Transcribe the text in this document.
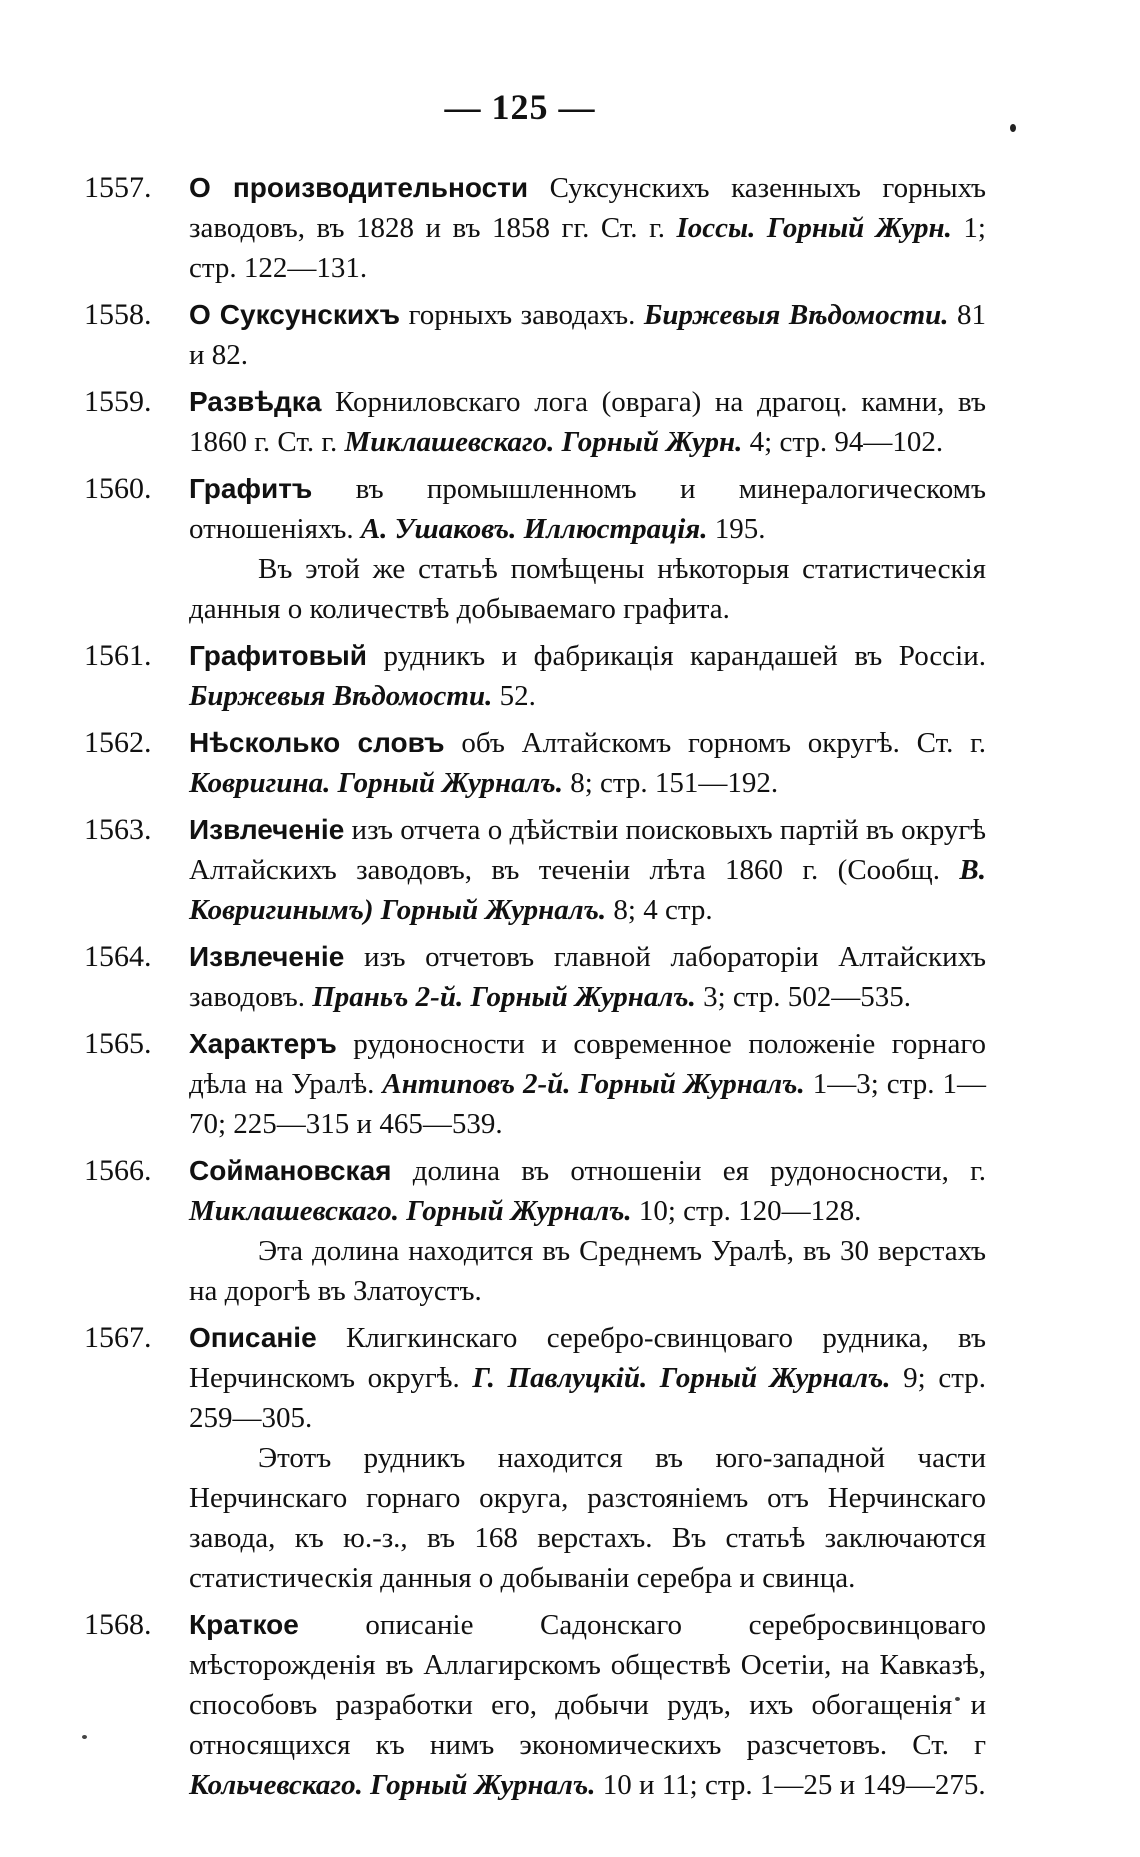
— 125 —
1557.	О производительности Суксунскихъ казенныхъ горныхъ заводовъ, въ 1828 и въ 1858 гг. Ст. г. Іоссы. Горный Журн. 1; стр. 122—131.
1558.	О Суксунскихъ горныхъ заводахъ. Биржевыя Вѣдомости. 81 и 82.
1559.	Развѣдка Корниловскаго лога (оврага) на драгоц. камни, въ 1860 г. Ст. г. Миклашевскаго. Горный Журн. 4; стр. 94—102.
1560.	Графитъ въ промышленномъ и минералогическомъ отношеніяхъ. А. Ушаковъ. Иллюстрація. 195.
Въ этой же статьѣ помѣщены нѣкоторыя статистическія данныя о количествѣ добываемаго графита.
1561.	Графитовый рудникъ и фабрикація карандашей въ Россіи. Биржевыя Вѣдомости. 52.
1562.	Нѣсколько словъ объ Алтайскомъ горномъ округѣ. Ст. г. Ковригина. Горный Журналъ. 8; стр. 151—192.
1563.	Извлеченіе изъ отчета о дѣйствіи поисковыхъ партій въ округѣ Алтайскихъ заводовъ, въ теченіи лѣта 1860 г. (Сообщ. В. Ковригинымъ) Горный Журналъ. 8; 4 стр.
1564.	Извлеченіе изъ отчетовъ главной лабораторіи Алтайскихъ заводовъ. Праньъ 2-й. Горный Журналъ. 3; стр. 502—535.
1565.	Характеръ рудоносности и современное положеніе горнаго дѣла на Уралѣ. Антиповъ 2-й. Горный Журналъ. 1—3; стр. 1—70; 225—315 и 465—539.
1566.	Соймановская долина въ отношеніи ея рудоносности, г. Миклашевскаго. Горный Журналъ. 10; стр. 120—128.
Эта долина находится въ Среднемъ Уралѣ, въ 30 верстахъ на дорогѣ въ Златоустъ.
1567.	Описаніе Клигкинскаго серебро-свинцоваго рудника, въ Нерчинскомъ округѣ. Г. Павлуцкій. Горный Журналъ. 9; стр. 259—305.
Этотъ рудникъ находится въ юго-западной части Нерчинскаго горнаго округа, разстояніемъ отъ Нерчинскаго завода, къ ю.-з., въ 168 верстахъ. Въ статьѣ заключаются статистическія данныя о добываніи серебра и свинца.
1568.	Краткое описаніе Садонскаго серебросвинцоваго мѣсторожденія въ Аллагирскомъ обществѣ Осетіи, на Кавказѣ, способовъ разработки его, добычи рудъ, ихъ обогащенія и относящихся къ нимъ экономическихъ разсчетовъ. Ст. г Кольчевскаго. Горный Журналъ. 10 и 11; стр. 1—25 и 149—275.
